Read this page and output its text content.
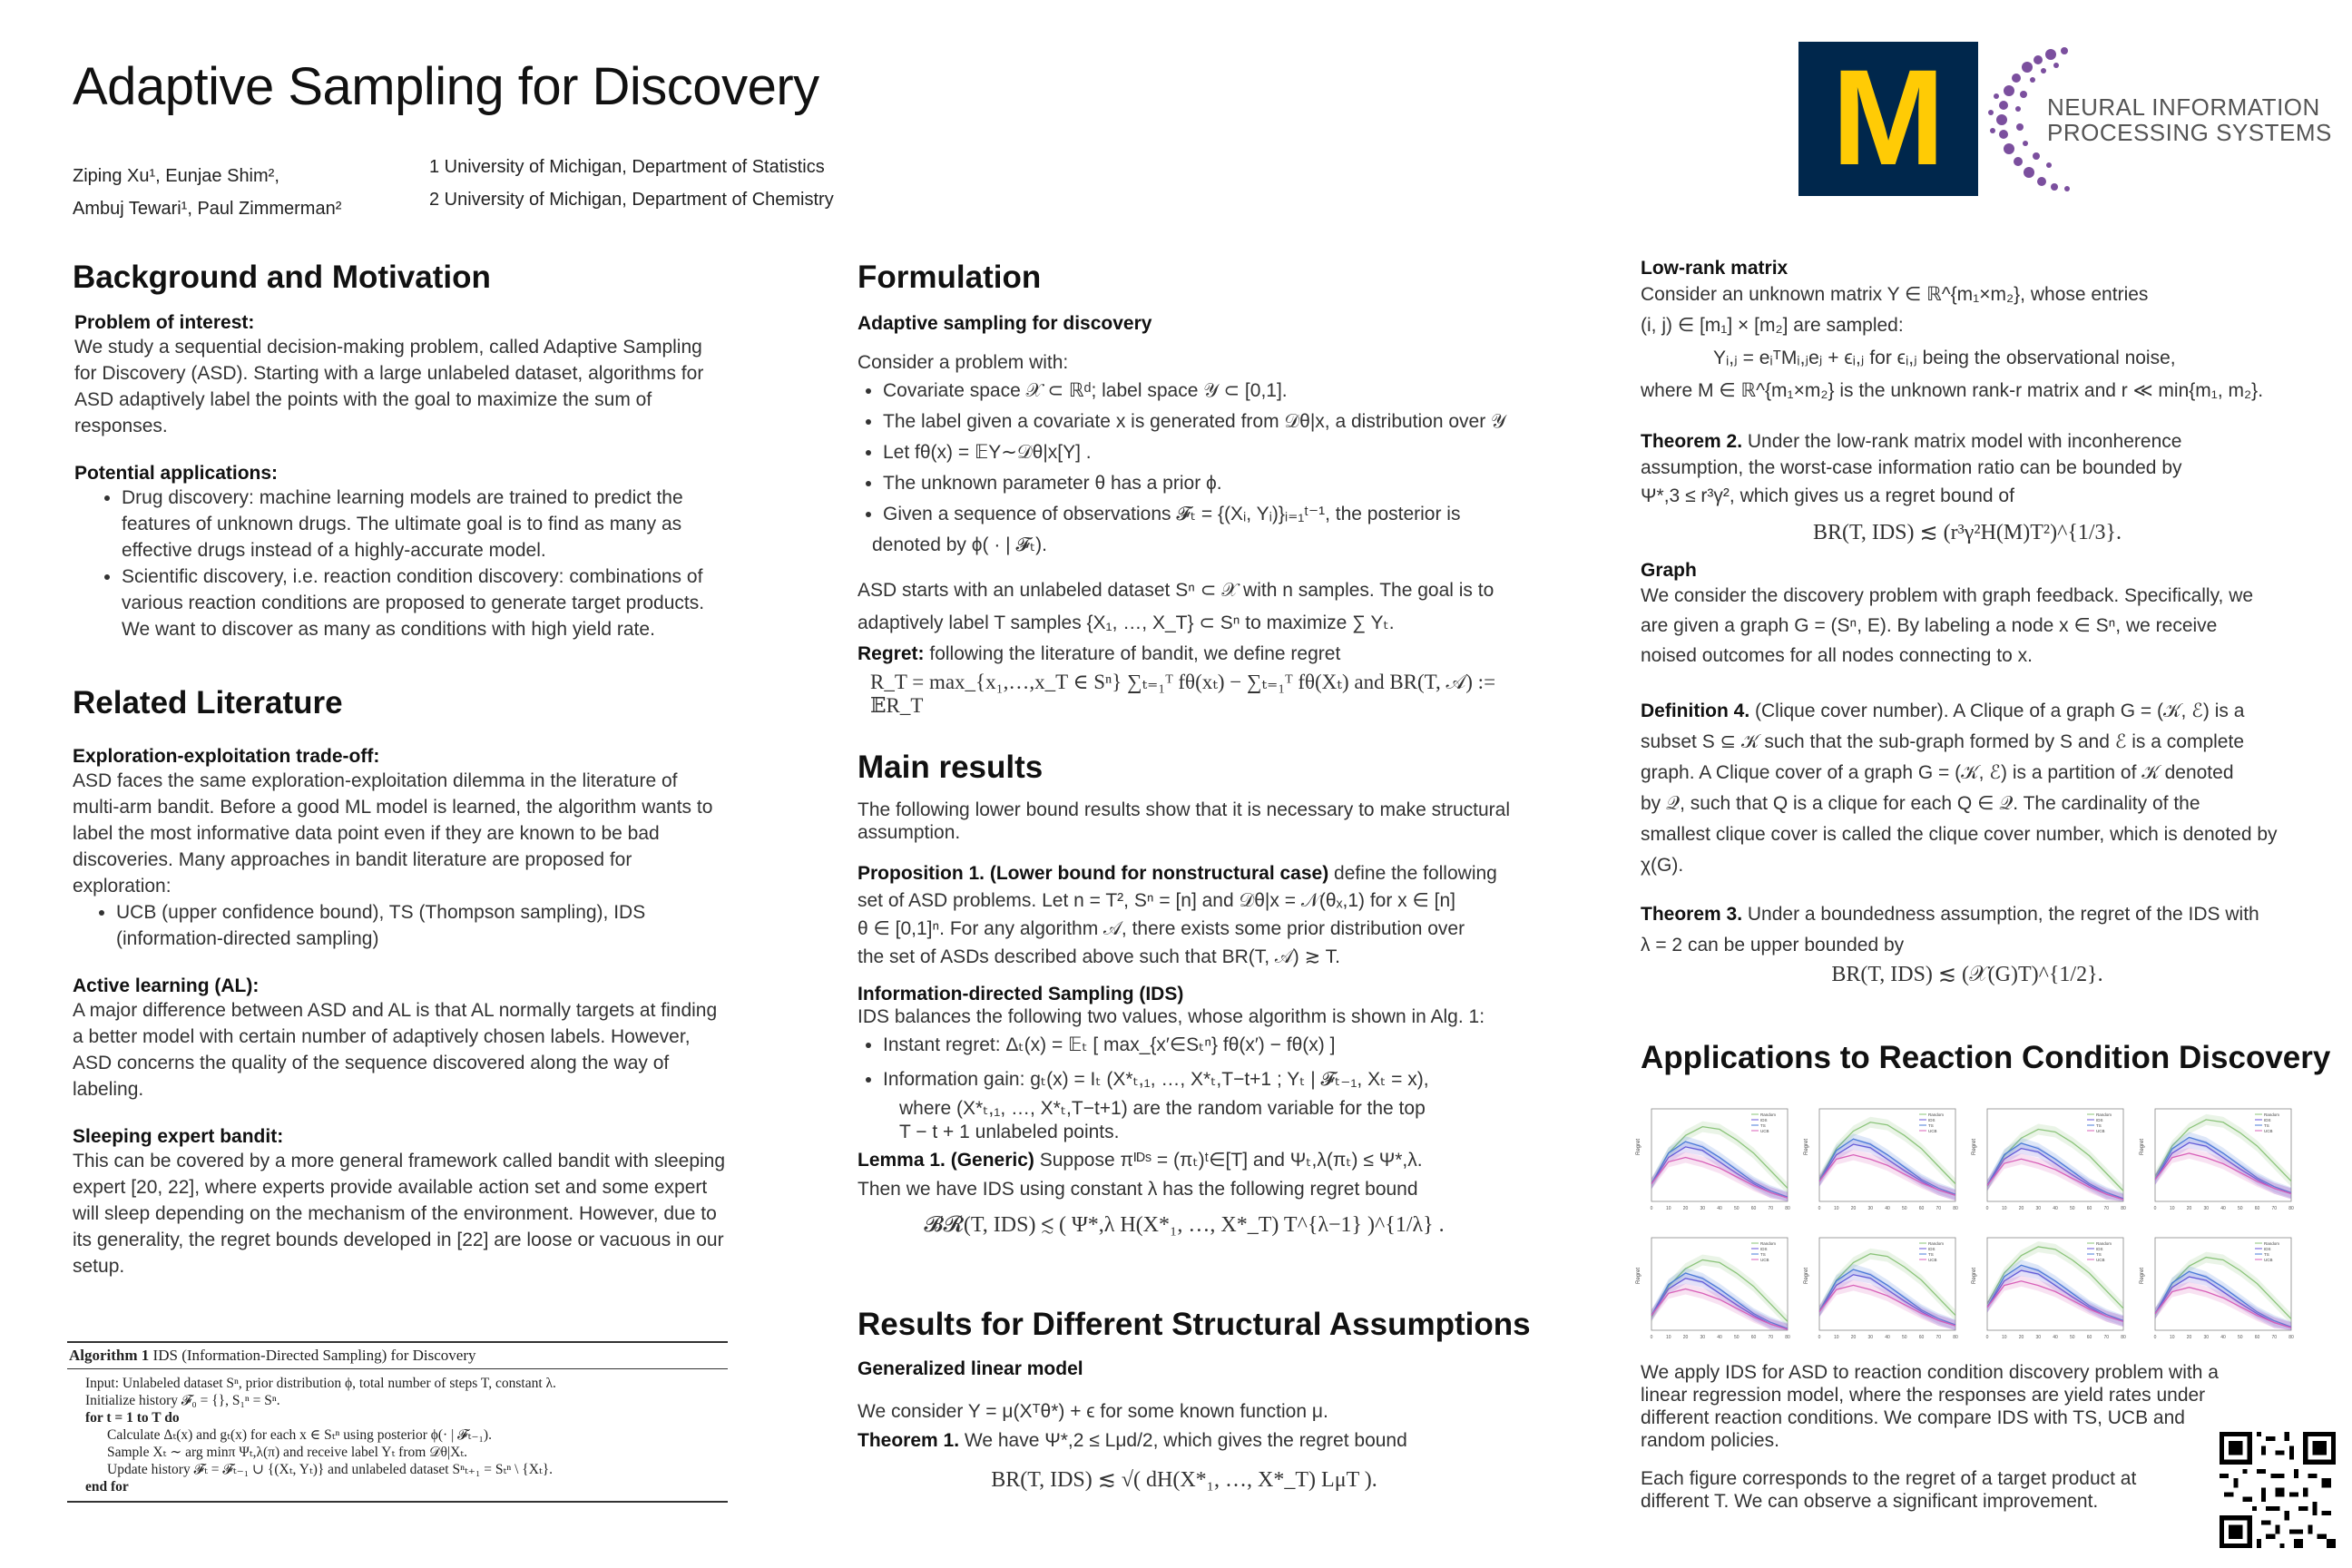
Adaptive Sampling for Discovery
Ziping Xu¹, Eunjae Shim²,
Ambuj Tewari¹, Paul Zimmerman²
1 University of Michigan, Department of Statistics
2 University of Michigan, Department of Chemistry
M	NEURAL INFORMATION
PROCESSING SYSTEMS
Background and Motivation
Problem of interest:
We study a sequential decision-making problem, called Adaptive Sampling for Discovery (ASD). Starting with a large unlabeled dataset, algorithms for ASD adaptively label the points with the goal to maximize the sum of responses.
Potential applications:
• Drug discovery: machine learning models are trained to predict the features of unknown drugs. The ultimate goal is to find as many as effective drugs instead of a highly-accurate model.
• Scientific discovery, i.e. reaction condition discovery: combinations of various reaction conditions are proposed to generate target products. We want to discover as many as conditions with high yield rate.
Related Literature
Exploration-exploitation trade-off:
ASD faces the same exploration-exploitation dilemma in the literature of multi-arm bandit. Before a good ML model is learned, the algorithm wants to label the most informative data point even if they are known to be bad discoveries. Many approaches in bandit literature are proposed for exploration:
• UCB (upper confidence bound), TS (Thompson sampling), IDS (information-directed sampling)
Active learning (AL):
A major difference between ASD and AL is that AL normally targets at finding a better model with certain number of adaptively chosen labels. However, ASD concerns the quality of the sequence discovered along the way of labeling.
Sleeping expert bandit:
This can be covered by a more general framework called bandit with sleeping expert [20, 22], where experts provide available action set and some expert will sleep depending on the mechanism of the environment. However, due to its generality, the regret bounds developed in [22] are loose or vacuous in our setup.
Algorithm 1 IDS (Information-Directed Sampling) for Discovery
Input: Unlabeled dataset Sⁿ, prior distribution ϕ, total number of steps T, constant λ.
Initialize history 𝓕₀ = {}, S₁ⁿ = Sⁿ.
for t = 1 to T do
Calculate Δₜ(x) and gₜ(x) for each x ∈ Sₜⁿ using posterior ϕ(· | 𝓕ₜ₋₁).
Sample Xₜ ∼ arg minπ Ψₜ,λ(π) and receive label Yₜ from 𝒟θ|Xₜ.
Update history 𝓕ₜ = 𝓕ₜ₋₁ ∪ {(Xₜ, Yₜ)} and unlabeled dataset Sⁿₜ₊₁ = Sₜⁿ \ {Xₜ}.
end for
Formulation
Adaptive sampling for discovery
Consider a problem with:
• Covariate space 𝒳 ⊂ ℝᵈ; label space 𝒴 ⊂ [0,1].
• The label given a covariate x is generated from 𝒟θ|x, a distribution over 𝒴
• Let fθ(x) = 𝔼Y∼𝒟θ|x[Y] .
• The unknown parameter θ has a prior ϕ.
• Given a sequence of observations 𝓕ₜ = {(Xᵢ, Yᵢ)}ᵢ₌₁ᵗ⁻¹, the posterior is
denoted by ϕ( · | 𝓕ₜ).
ASD starts with an unlabeled dataset Sⁿ ⊂ 𝒳 with n samples. The goal is to
adaptively label T samples {X₁, …, X_T} ⊂ Sⁿ to maximize ∑ Yₜ.
Regret: following the literature of bandit, we define regret
R_T = max_{x₁,…,x_T ∈ Sⁿ} ∑ₜ₌₁ᵀ fθ(xₜ) − ∑ₜ₌₁ᵀ fθ(Xₜ) and BR(T, 𝒜) := 𝔼R_T
Main results
The following lower bound results show that it is necessary to make structural assumption.
Proposition 1. (Lower bound for nonstructural case) define the following
set of ASD problems. Let n = T², Sⁿ = [n] and 𝒟θ|x = 𝒩(θₓ,1) for x ∈ [n]
θ ∈ [0,1]ⁿ. For any algorithm 𝒜, there exists some prior distribution over
the set of ASDs described above such that BR(T, 𝒜) ≳ T.
Information-directed Sampling (IDS)
IDS balances the following two values, whose algorithm is shown in Alg. 1:
• Instant regret: Δₜ(x) = 𝔼ₜ [ max_{x′∈Sₜⁿ} fθ(x′) − fθ(x) ]
• Information gain: gₜ(x) = Iₜ (X*ₜ,₁, …, X*ₜ,T−t+1 ; Yₜ | 𝓕ₜ₋₁, Xₜ = x),
where (X*ₜ,₁, …, X*ₜ,T−t+1) are the random variable for the top
T − t + 1 unlabeled points.
Lemma 1. (Generic) Suppose πᴵᴰˢ = (πₜ)ᵗ∈[T] and Ψₜ,λ(πₜ) ≤ Ψ*,λ.
Then we have IDS using constant λ has the following regret bound
𝓑𝓡(T, IDS) ≲ ( Ψ*,λ H(X*₁, …, X*_T) T^{λ−1} )^{1/λ} .
Results for Different Structural Assumptions
Generalized linear model
We consider Y = μ(Xᵀθ*) + ϵ for some known function μ.
Theorem 1. We have Ψ*,2 ≤ Lμd/2, which gives the regret bound
BR(T, IDS) ≲ √( dH(X*₁, …, X*_T) LμT ).
Low-rank matrix
Consider an unknown matrix Y ∈ ℝ^{m₁×m₂}, whose entries
(i, j) ∈ [m₁] × [m₂] are sampled:
Yᵢ,ⱼ = eᵢᵀMᵢ,ⱼeⱼ + ϵᵢ,ⱼ for ϵᵢ,ⱼ being the observational noise,
where M ∈ ℝ^{m₁×m₂} is the unknown rank-r matrix and r ≪ min{m₁, m₂}.
Theorem 2. Under the low-rank matrix model with inconherence
assumption, the worst-case information ratio can be bounded by
Ψ*,3 ≤ r³γ², which gives us a regret bound of
BR(T, IDS) ≲ (r³γ²H(M)T²)^{1/3}.
Graph
We consider the discovery problem with graph feedback. Specifically, we
are given a graph G = (Sⁿ, E). By labeling a node x ∈ Sⁿ, we receive
noised outcomes for all nodes connecting to x.
Definition 4. (Clique cover number). A Clique of a graph G = (𝒦, ℰ) is a
subset S ⊆ 𝒦 such that the sub-graph formed by S and ℰ is a complete
graph. A Clique cover of a graph G = (𝒦, ℰ) is a partition of 𝒦 denoted
by 𝒬, such that Q is a clique for each Q ∈ 𝒬. The cardinality of the
smallest clique cover is called the clique cover number, which is denoted by
χ(G).
Theorem 3. Under a boundedness assumption, the regret of the IDS with
λ = 2 can be upper bounded by
BR(T, IDS) ≲ (𝒳(G)T)^{1/2}.
Applications to Reaction Condition Discovery
Regret
0	10	20	30	40	50	60	70	80
Random
IDS
TS
UCB
Regret
0	10	20	30	40	50	60	70	80
Random
IDS
TS
UCB
Regret
0	10	20	30	40	50	60	70	80
Random
IDS
TS
UCB
Regret
0	10	20	30	40	50	60	70	80
Random
IDS
TS
UCB
Regret
0	10	20	30	40	50	60	70	80
Random
IDS
TS
UCB
Regret
0	10	20	30	40	50	60	70	80
Random
IDS
TS
UCB
Regret
0	10	20	30	40	50	60	70	80
Random
IDS
TS
UCB
Regret
0	10	20	30	40	50	60	70	80
Random
IDS
TS
UCB
We apply IDS for ASD to reaction condition discovery problem with a linear regression model, where the responses are yield rates under different reaction conditions. We compare IDS with TS, UCB and random policies.
Each figure corresponds to the regret of a target product at different T. We can observe a significant improvement.
